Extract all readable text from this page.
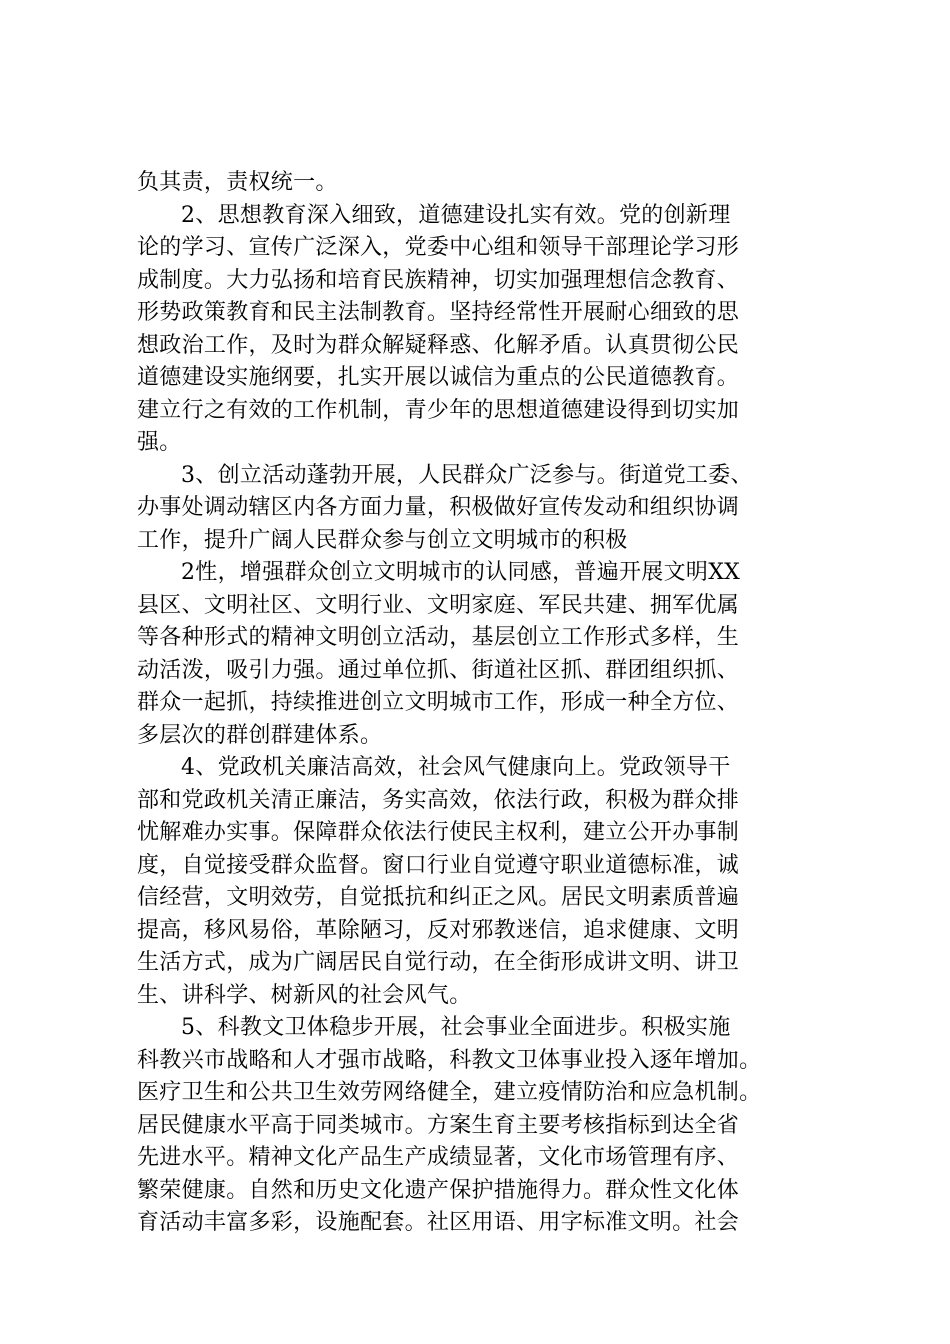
负其责，责权统一。
2、思想教育深入细致，道德建设扎实有效。党的创新理
论的学习、宣传广泛深入，党委中心组和领导干部理论学习形
成制度。大力弘扬和培育民族精神，切实加强理想信念教育、
形势政策教育和民主法制教育。坚持经常性开展耐心细致的思
想政治工作，及时为群众解疑释惑、化解矛盾。认真贯彻公民
道德建设实施纲要，扎实开展以诚信为重点的公民道德教育。
建立行之有效的工作机制，青少年的思想道德建设得到切实加
强。
3、创立活动蓬勃开展，人民群众广泛参与。街道党工委、
办事处调动辖区内各方面力量，积极做好宣传发动和组织协调
工作，提升广阔人民群众参与创立文明城市的积极
2性，增强群众创立文明城市的认同感，普遍开展文明XX
县区、文明社区、文明行业、文明家庭、军民共建、拥军优属
等各种形式的精神文明创立活动，基层创立工作形式多样，生
动活泼，吸引力强。通过单位抓、街道社区抓、群团组织抓、
群众一起抓，持续推进创立文明城市工作，形成一种全方位、
多层次的群创群建体系。
4、党政机关廉洁高效，社会风气健康向上。党政领导干
部和党政机关清正廉洁，务实高效，依法行政，积极为群众排
忧解难办实事。保障群众依法行使民主权利，建立公开办事制
度，自觉接受群众监督。窗口行业自觉遵守职业道德标准，诚
信经营，文明效劳，自觉抵抗和纠正之风。居民文明素质普遍
提高，移风易俗，革除陋习，反对邪教迷信，追求健康、文明
生活方式，成为广阔居民自觉行动，在全街形成讲文明、讲卫
生、讲科学、树新风的社会风气。
5、科教文卫体稳步开展，社会事业全面进步。积极实施
科教兴市战略和人才强市战略，科教文卫体事业投入逐年增加。
医疗卫生和公共卫生效劳网络健全，建立疫情防治和应急机制。
居民健康水平高于同类城市。方案生育主要考核指标到达全省
先进水平。精神文化产品生产成绩显著，文化市场管理有序、
繁荣健康。自然和历史文化遗产保护措施得力。群众性文化体
育活动丰富多彩，设施配套。社区用语、用字标准文明。社会
